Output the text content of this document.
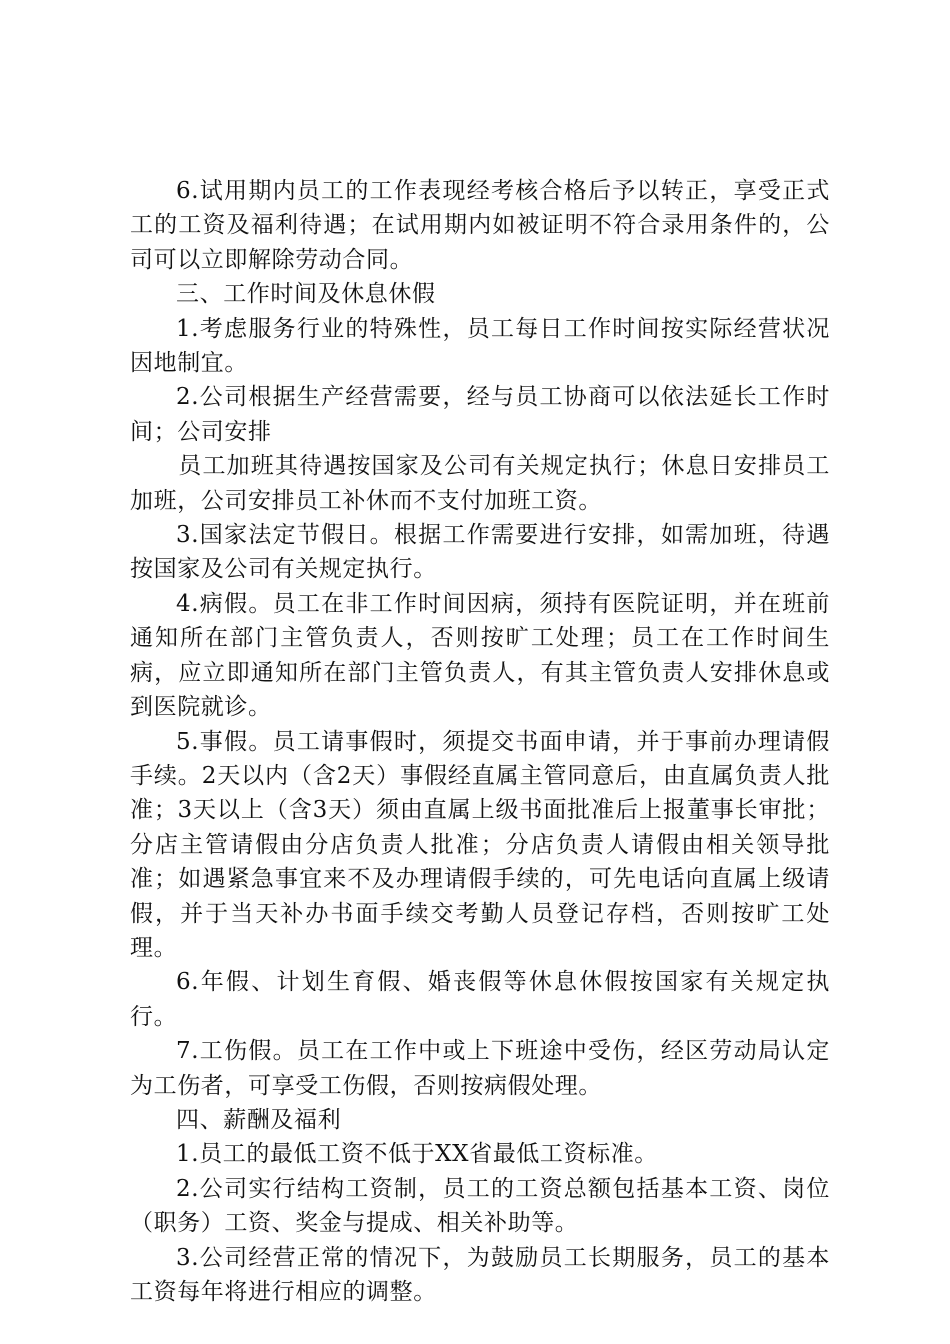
6.试用期内员工的工作表现经考核合格后予以转正，享受正式工的工资及福利待遇；在试用期内如被证明不符合录用条件的，公司可以立即解除劳动合同。

三、工作时间及休息休假

1.考虑服务行业的特殊性，员工每日工作时间按实际经营状况因地制宜。

2.公司根据生产经营需要，经与员工协商可以依法延长工作时间；公司安排

员工加班其待遇按国家及公司有关规定执行；休息日安排员工加班，公司安排员工补休而不支付加班工资。

3.国家法定节假日。根据工作需要进行安排，如需加班，待遇按国家及公司有关规定执行。

4.病假。员工在非工作时间因病，须持有医院证明，并在班前通知所在部门主管负责人，否则按旷工处理；员工在工作时间生病，应立即通知所在部门主管负责人，有其主管负责人安排休息或到医院就诊。

5.事假。员工请事假时，须提交书面申请，并于事前办理请假手续。2天以内（含2天）事假经直属主管同意后，由直属负责人批准；3天以上（含3天）须由直属上级书面批准后上报董事长审批；分店主管请假由分店负责人批准；分店负责人请假由相关领导批准；如遇紧急事宜来不及办理请假手续的，可先电话向直属上级请假，并于当天补办书面手续交考勤人员登记存档，否则按旷工处理。

6.年假、计划生育假、婚丧假等休息休假按国家有关规定执行。

7.工伤假。员工在工作中或上下班途中受伤，经区劳动局认定为工伤者，可享受工伤假，否则按病假处理。

四、薪酬及福利

1.员工的最低工资不低于XX省最低工资标准。

2.公司实行结构工资制，员工的工资总额包括基本工资、岗位（职务）工资、奖金与提成、相关补助等。

3.公司经营正常的情况下，为鼓励员工长期服务，员工的基本工资每年将进行相应的调整。
